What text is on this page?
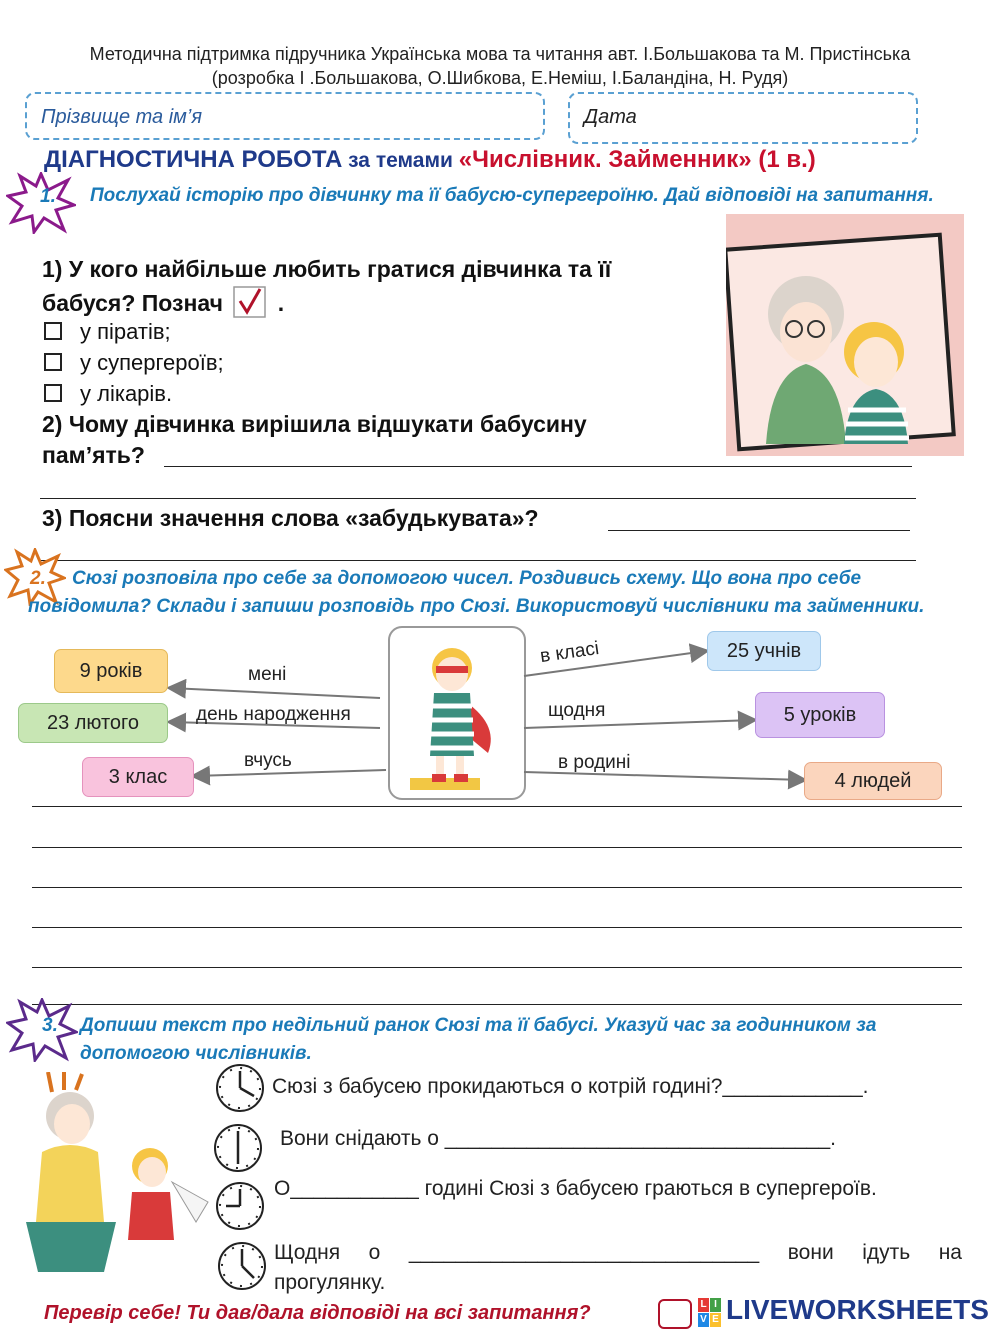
Методична підтримка підручника Українська мова та читання авт. І.Большакова та М. Пристінська
(розробка І .Большакова, О.Шибкова, Е.Неміш, І.Баландіна, Н. Рудя)
Прізвище та ім’я	Дата
ДІАГНОСТИЧНА РОБОТА за темами «Числівник. Займенник» (1 в.)
1. Послухай історію про дівчинку та її бабусю-супергероїню. Дай відповіді на запитання.
1) У кого найбільше любить гратися дівчинка та її
бабуся? Познач .
у піратів;
у супергероїв;
у лікарів.
2) Чому дівчинка вирішила відшукати бабусину
пам’ять?
3) Поясни значення слова «забудькувата»?
2.	Сюзі розповіла про себе за допомогою чисел. Роздивись схему. Що вона про себе повідомила? Склади і запиши розповідь про Сюзі. Використовуй числівники та займенники.
мені
день народження
вчусь
в класі
щодня
в родині
9 років
23 лютого
3 клас
25 учнів
5 уроків
4 людей
3. Допиши текст про недільний ранок Сюзі та її бабусі. Указуй час за годинником за допомогою числівників.
Сюзі з бабусею прокидаються о котрій годині?____________.
Вони снідають о _________________________________.
О___________ годині Сюзі з бабусею граються в супергероїв.
Щодня о ______________________________ вони ідуть на прогулянку.
Перевір себе! Ти дав/дала відповіді на всі запитання?	L I
V E LIVEWORKSHEETS
